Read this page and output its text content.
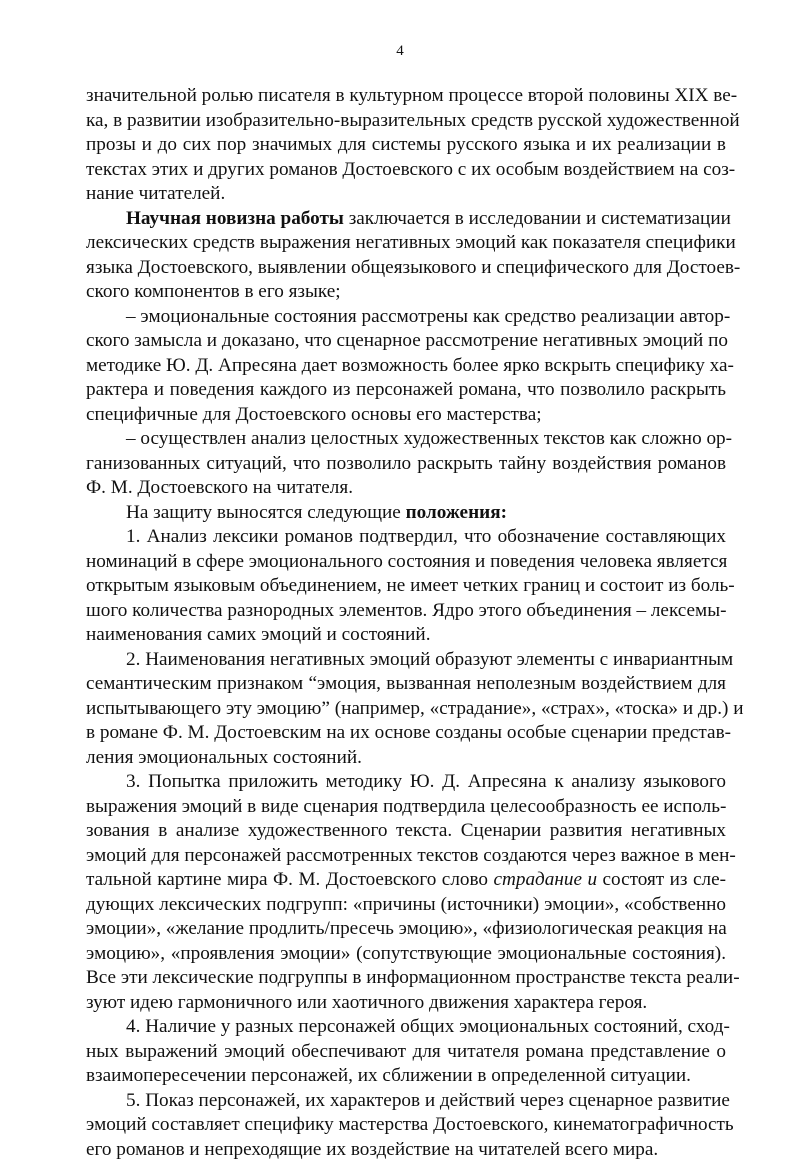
4
значительной ролью писателя в культурном процессе второй половины XIX ве-
ка, в развитии изобразительно-выразительных средств русской художественной
прозы и до сих пор значимых для системы русского языка и их реализации в
текстах этих и других романов Достоевского с их особым воздействием на соз-
нание читателей.
Научная новизна работы заключается в исследовании и систематизации
лексических средств выражения негативных эмоций как показателя специфики
языка Достоевского, выявлении общеязыкового и специфического для Достоев-
ского компонентов в его языке;
– эмоциональные состояния рассмотрены как средство реализации автор-
ского замысла и доказано, что сценарное рассмотрение негативных эмоций по
методике Ю. Д. Апресяна дает возможность более ярко вскрыть специфику ха-
рактера и поведения каждого из персонажей романа, что позволило раскрыть
специфичные для Достоевского основы его мастерства;
– осуществлен анализ целостных художественных текстов как сложно ор-
ганизованных ситуаций, что позволило раскрыть тайну воздействия романов
Ф. М. Достоевского на читателя.
На защиту выносятся следующие положения:
1. Анализ лексики романов подтвердил, что обозначение составляющих
номинаций в сфере эмоционального состояния и поведения человека является
открытым языковым объединением, не имеет четких границ и состоит из боль-
шого количества разнородных элементов. Ядро этого объединения – лексемы-
наименования самих эмоций и состояний.
2. Наименования негативных эмоций образуют элементы с инвариантным
семантическим признаком “эмоция, вызванная неполезным воздействием для
испытывающего эту эмоцию” (например, «страдание», «страх», «тоска» и др.) и
в романе Ф. М. Достоевским на их основе созданы особые сценарии представ-
ления эмоциональных состояний.
3. Попытка приложить методику Ю. Д. Апресяна к анализу языкового
выражения эмоций в виде сценария подтвердила целесообразность ее исполь-
зования в анализе художественного текста. Сценарии развития негативных
эмоций для персонажей рассмотренных текстов создаются через важное в мен-
тальной картине мира Ф. М. Достоевского слово страдание и состоят из сле-
дующих лексических подгрупп: «причины (источники) эмоции», «собственно
эмоции», «желание продлить/пресечь эмоцию», «физиологическая реакция на
эмоцию», «проявления эмоции» (сопутствующие эмоциональные состояния).
Все эти лексические подгруппы в информационном пространстве текста реали-
зуют идею гармоничного или хаотичного движения характера героя.
4. Наличие у разных персонажей общих эмоциональных состояний, сход-
ных выражений эмоций обеспечивают для читателя романа представление о
взаимопересечении персонажей, их сближении в определенной ситуации.
5. Показ персонажей, их характеров и действий через сценарное развитие
эмоций составляет специфику мастерства Достоевского, кинематографичность
его романов и непреходящие их воздействие на читателей всего мира.
